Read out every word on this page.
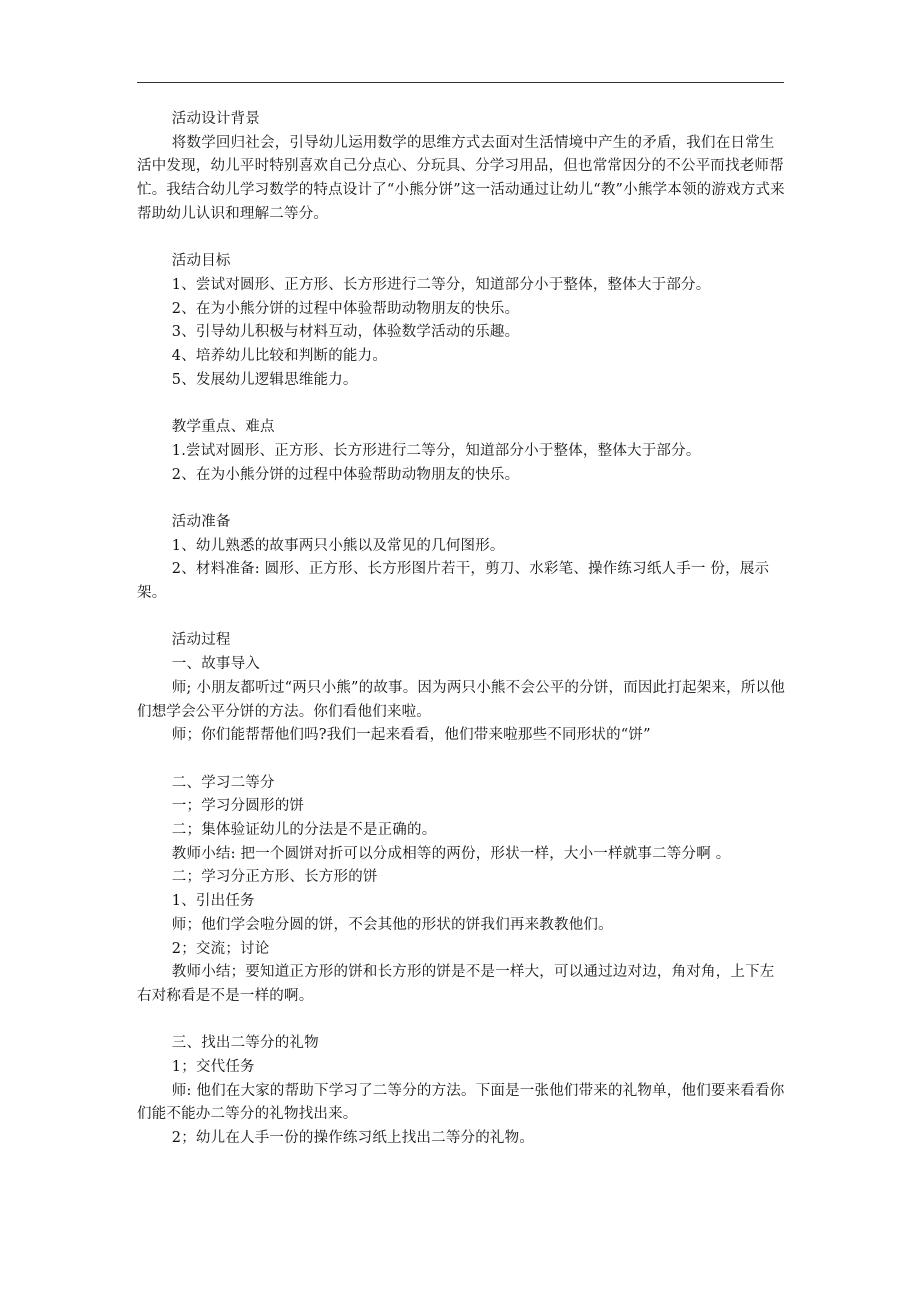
活动设计背景

将数学回归社会，引导幼儿运用数学的思维方式去面对生活情境中产生的矛盾，我们在日常生活中发现，幼儿平时特别喜欢自己分点心、分玩具、分学习用品，但也常常因分的不公平而找老师帮忙。我结合幼儿学习数学的特点设计了“小熊分饼”这一活动通过让幼儿“教”小熊学本领的游戏方式来帮助幼儿认识和理解二等分。

活动目标

1、尝试对圆形、正方形、长方形进行二等分，知道部分小于整体，整体大于部分。

2、在为小熊分饼的过程中体验帮助动物朋友的快乐。

3、引导幼儿积极与材料互动，体验数学活动的乐趣。

4、培养幼儿比较和判断的能力。

5、发展幼儿逻辑思维能力。

教学重点、难点

1.尝试对圆形、正方形、长方形进行二等分，知道部分小于整体，整体大于部分。

2、在为小熊分饼的过程中体验帮助动物朋友的快乐。

活动准备

1、幼儿熟悉的故事两只小熊以及常见的几何图形。

2、材料准备: 圆形、正方形、长方形图片若干，剪刀、水彩笔、操作练习纸人手一 份，展示架。

活动过程

一、故事导入

师; 小朋友都听过“两只小熊”的故事。因为两只小熊不会公平的分饼，而因此打起架来，所以他们想学会公平分饼的方法。你们看他们来啦。

师；你们能帮帮他们吗?我们一起来看看，他们带来啦那些不同形状的“饼”

二、学习二等分

一；学习分圆形的饼

二；集体验证幼儿的分法是不是正确的。

教师小结: 把一个圆饼对折可以分成相等的两份，形状一样，大小一样就事二等分啊 。

二；学习分正方形、长方形的饼

1、引出任务

师；他们学会啦分圆的饼，不会其他的形状的饼我们再来教教他们。

2；交流；讨论

教师小结；要知道正方形的饼和长方形的饼是不是一样大，可以通过边对边，角对角，上下左右对称看是不是一样的啊。

三、找出二等分的礼物

1；交代任务

师: 他们在大家的帮助下学习了二等分的方法。下面是一张他们带来的礼物单，他们要来看看你们能不能办二等分的礼物找出来。

2；幼儿在人手一份的操作练习纸上找出二等分的礼物。
